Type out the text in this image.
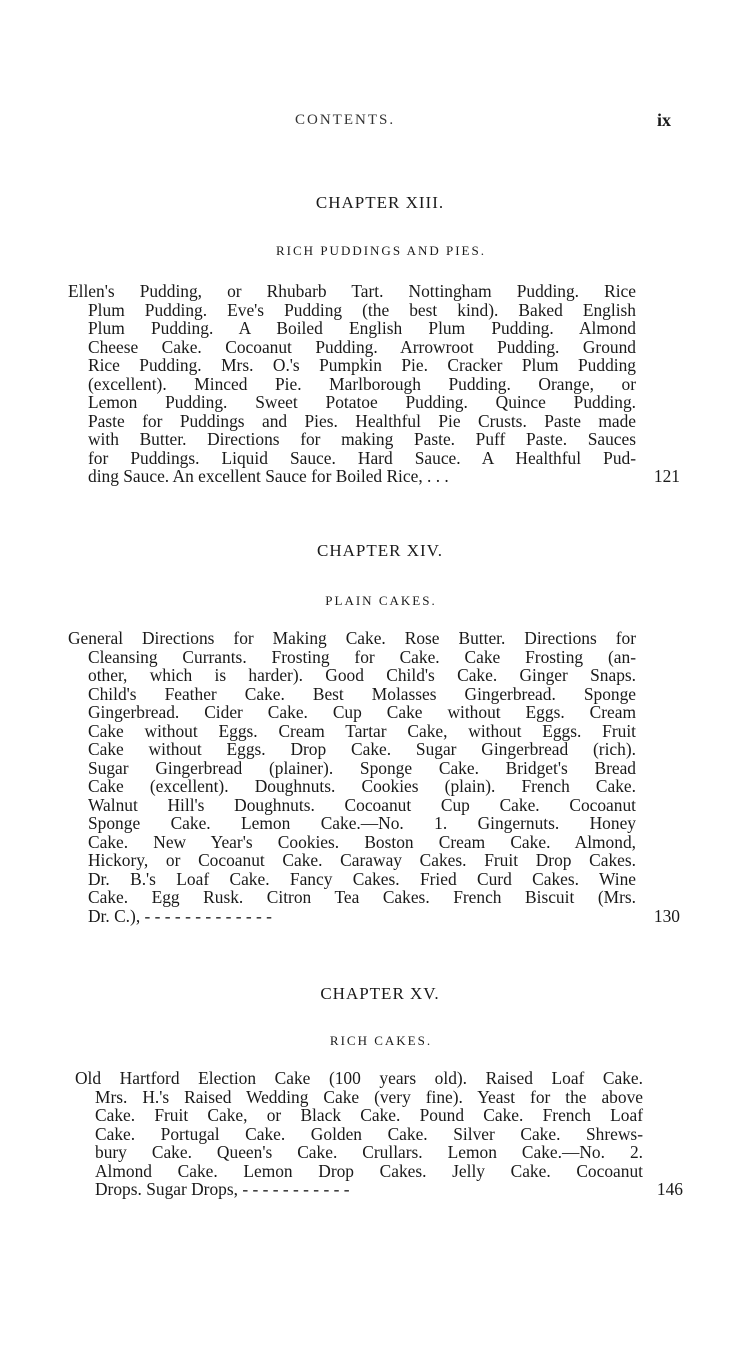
CONTENTS.	ix
CHAPTER XIII.
RICH PUDDINGS AND PIES.
Ellen's Pudding, or Rhubarb Tart. Nottingham Pudding. Rice
Plum Pudding. Eve's Pudding (the best kind). Baked English
Plum Pudding. A Boiled English Plum Pudding. Almond
Cheese Cake. Cocoanut Pudding. Arrowroot Pudding. Ground
Rice Pudding. Mrs. O.'s Pumpkin Pie. Cracker Plum Pudding
(excellent). Minced Pie. Marlborough Pudding. Orange, or
Lemon Pudding. Sweet Potatoe Pudding. Quince Pudding.
Paste for Puddings and Pies. Healthful Pie Crusts. Paste made
with Butter. Directions for making Paste. Puff Paste. Sauces
for Puddings. Liquid Sauce. Hard Sauce. A Healthful Pud-
ding Sauce. An excellent Sauce for Boiled Rice, . . .	121
CHAPTER XIV.
PLAIN CAKES.
General Directions for Making Cake. Rose Butter. Directions for
Cleansing Currants. Frosting for Cake. Cake Frosting (an-
other, which is harder). Good Child's Cake. Ginger Snaps.
Child's Feather Cake. Best Molasses Gingerbread. Sponge
Gingerbread. Cider Cake. Cup Cake without Eggs. Cream
Cake without Eggs. Cream Tartar Cake, without Eggs. Fruit
Cake without Eggs. Drop Cake. Sugar Gingerbread (rich).
Sugar Gingerbread (plainer). Sponge Cake. Bridget's Bread
Cake (excellent). Doughnuts. Cookies (plain). French Cake.
Walnut Hill's Doughnuts. Cocoanut Cup Cake. Cocoanut
Sponge Cake. Lemon Cake.—No. 1. Gingernuts. Honey
Cake. New Year's Cookies. Boston Cream Cake. Almond,
Hickory, or Cocoanut Cake. Caraway Cakes. Fruit Drop Cakes.
Dr. B.'s Loaf Cake. Fancy Cakes. Fried Curd Cakes. Wine
Cake. Egg Rusk. Citron Tea Cakes. French Biscuit (Mrs.
Dr. C.), - - - - - - - - - - - - -	130
CHAPTER XV.
RICH CAKES.
Old Hartford Election Cake (100 years old). Raised Loaf Cake.
Mrs. H.'s Raised Wedding Cake (very fine). Yeast for the above
Cake. Fruit Cake, or Black Cake. Pound Cake. French Loaf
Cake. Portugal Cake. Golden Cake. Silver Cake. Shrews-
bury Cake. Queen's Cake. Crullars. Lemon Cake.—No. 2.
Almond Cake. Lemon Drop Cakes. Jelly Cake. Cocoanut
Drops. Sugar Drops, - - - - - - - - - - -	146
